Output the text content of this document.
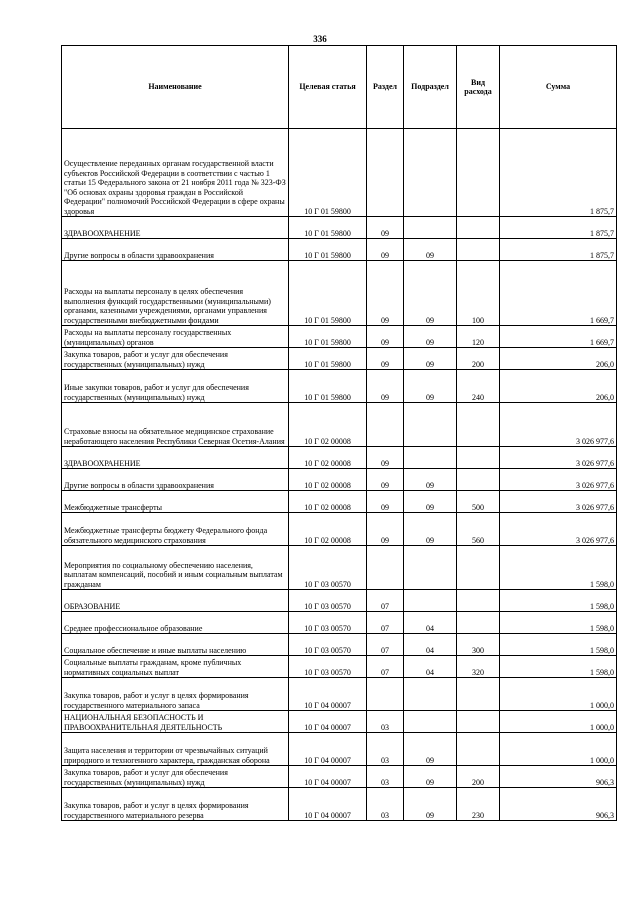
336
Наименование	Целевая статья	Раздел	Подраздел	Вид расхода	Сумма
Осуществление переданных органам государственной власти субъектов Российской Федерации в соответствии с частью 1 статьи 15 Федерального закона от 21 ноября 2011 года № 323-ФЗ "Об основах охраны здоровья граждан в Российской Федерации" полномочий Российской Федерации в сфере охраны здоровья	10 Г 01 59800				1 875,7
ЗДРАВООХРАНЕНИЕ	10 Г 01 59800	09			1 875,7
Другие вопросы в области здравоохранения	10 Г 01 59800	09	09		1 875,7
Расходы на выплаты персоналу в целях обеспечения выполнения функций государственными (муниципальными) органами, казенными учреждениями, органами управления государственными внебюджетными фондами	10 Г 01 59800	09	09	100	1 669,7
Расходы на выплаты персоналу государственных (муниципальных) органов	10 Г 01 59800	09	09	120	1 669,7
Закупка товаров, работ и услуг для обеспечения государственных (муниципальных) нужд	10 Г 01 59800	09	09	200	206,0
Иные закупки товаров, работ и услуг для обеспечения государственных (муниципальных) нужд	10 Г 01 59800	09	09	240	206,0
Страховые взносы на обязательное медицинское страхование неработающего населения Республики Северная Осетия-Алания	10 Г 02 00008				3 026 977,6
ЗДРАВООХРАНЕНИЕ	10 Г 02 00008	09			3 026 977,6
Другие вопросы в области здравоохранения	10 Г 02 00008	09	09		3 026 977,6
Межбюджетные трансферты	10 Г 02 00008	09	09	500	3 026 977,6
Межбюджетные трансферты бюджету Федерального фонда обязательного медицинского страхования	10 Г 02 00008	09	09	560	3 026 977,6
Мероприятия по социальному обеспечению населения, выплатам компенсаций, пособий и иным социальным выплатам гражданам	10 Г 03 00570				1 598,0
ОБРАЗОВАНИЕ	10 Г 03 00570	07			1 598,0
Среднее профессиональное образование	10 Г 03 00570	07	04		1 598,0
Социальное обеспечение и иные выплаты населению	10 Г 03 00570	07	04	300	1 598,0
Социальные выплаты гражданам, кроме публичных нормативных социальных выплат	10 Г 03 00570	07	04	320	1 598,0
Закупка товаров, работ и услуг в целях формирования государственного материального запаса	10 Г 04 00007				1 000,0
НАЦИОНАЛЬНАЯ БЕЗОПАСНОСТЬ И ПРАВООХРАНИТЕЛЬНАЯ ДЕЯТЕЛЬНОСТЬ	10 Г 04 00007	03			1 000,0
Защита населения и территории от чрезвычайных ситуаций природного и техногенного характера, гражданская оборона	10 Г 04 00007	03	09		1 000,0
Закупка товаров, работ и услуг для обеспечения государственных (муниципальных) нужд	10 Г 04 00007	03	09	200	906,3
Закупка товаров, работ и услуг в целях формирования государственного материального резерва	10 Г 04 00007	03	09	230	906,3
